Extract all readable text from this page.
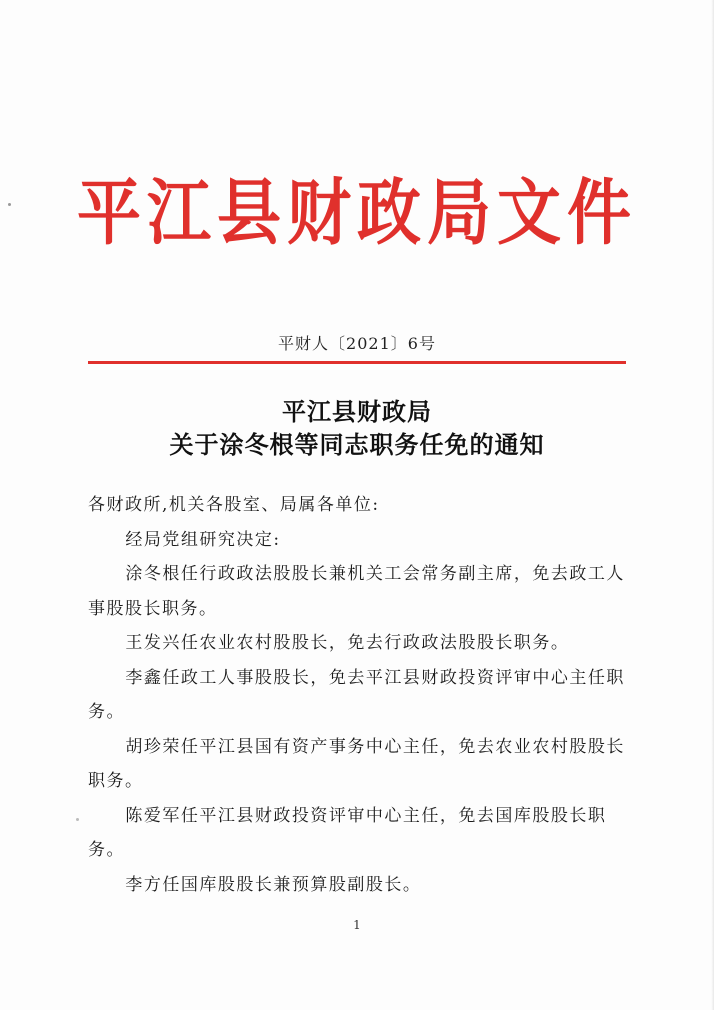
平江县财政局文件
平财人〔2021〕6号
平江县财政局
关于涂冬根等同志职务任免的通知

各财政所,机关各股室、局属各单位:

经局党组研究决定:

涂冬根任行政政法股股长兼机关工会常务副主席，免去政工人事股股长职务。

王发兴任农业农村股股长，免去行政政法股股长职务。

李鑫任政工人事股股长，免去平江县财政投资评审中心主任职务。

胡珍荣任平江县国有资产事务中心主任，免去农业农村股股长职务。

陈爱军任平江县财政投资评审中心主任，免去国库股股长职务。

李方任国库股股长兼预算股副股长。

1
